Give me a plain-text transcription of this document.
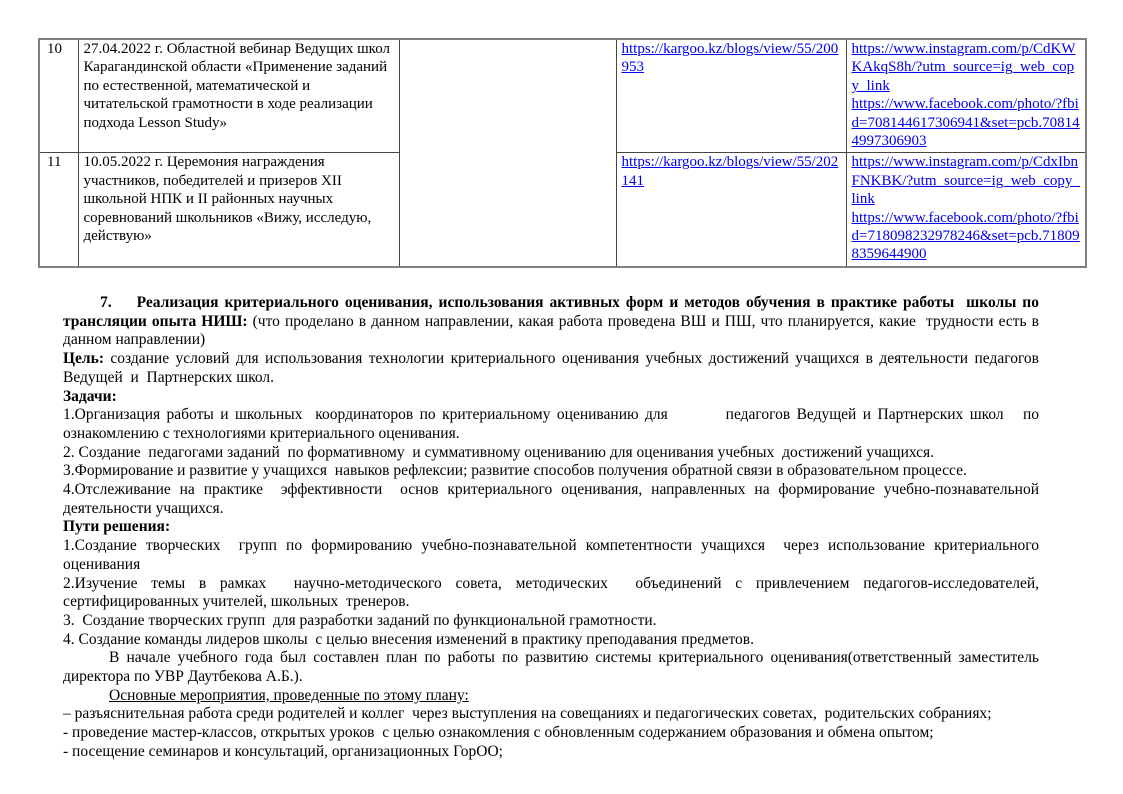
10	27.04.2022 г. Областной вебинар Ведущих школ  Карагандинской области «Применение заданий по естественной, математической и читательской грамотности в ходе реализации подхода Lesson Study»		https://kargoo.kz/blogs/view/55/200953	https://www.instagram.com/p/CdKWKAkqS8h/?utm_source=ig_web_copy_link
https://www.facebook.com/photo/?fbid=708144617306941&set=pcb.708144997306903

11	10.05.2022 г. Церемония награждения участников, победителей и призеров XII школьной НПК и II районных научных соревнований школьников «Вижу, исследую, действую»		https://kargoo.kz/blogs/view/55/202141	https://www.instagram.com/p/CdxIbnFNKBK/?utm_source=ig_web_copy_link
https://www.facebook.com/photo/?fbid=718098232978246&set=pcb.718098359644900

7. Реализация критериального оценивания, использования активных форм и методов обучения в практике работы  школы по трансляции опыта НИШ: (что проделано в данном направлении, какая работа проведена ВШ и ПШ, что планируется, какие  трудности есть в данном направлении)

Цель: создание условий для использования технологии критериального оценивания учебных достижений учащихся в деятельности педагогов Ведущей  и  Партнерских школ.

Задачи:

1.Организация работы и школьных  координаторов по критериальному оцениванию для         педагогов Ведущей и Партнерских школ   по ознакомлению с технологиями критериального оценивания.

2. Создание  педагогами заданий  по формативному  и суммативному оцениванию для оценивания учебных  достижений учащихся.

3.Формирование и развитие у учащихся  навыков рефлексии; развитие способов получения обратной связи в образовательном процессе.

4.Отслеживание на практике  эффективности  основ критериального оценивания, направленных на формирование учебно-познавательной деятельности учащихся.

Пути решения:

1.Создание творческих  групп по формированию учебно-познавательной компетентности учащихся  через использование критериального оценивания

2.Изучение темы в рамках  научно-методического совета, методических  объединений с привлечением педагогов-исследователей, сертифицированных учителей, школьных  тренеров.

3.  Создание творческих групп  для разработки заданий по функциональной грамотности.

4. Создание команды лидеров школы  с целью внесения изменений в практику преподавания предметов.

В начале учебного года был составлен план по работы по развитию системы критериального оценивания(ответственный заместитель директора по УВР Даутбекова А.Б.).

Основные мероприятия, проведенные по этому плану:

– разъяснительная работа среди родителей и коллег  через выступления на совещаниях и педагогических советах,  родительских собраниях;

- проведение мастер-классов, открытых уроков  с целью ознакомления с обновленным содержанием образования и обмена опытом;

- посещение семинаров и консультаций, организационных ГорОО;
